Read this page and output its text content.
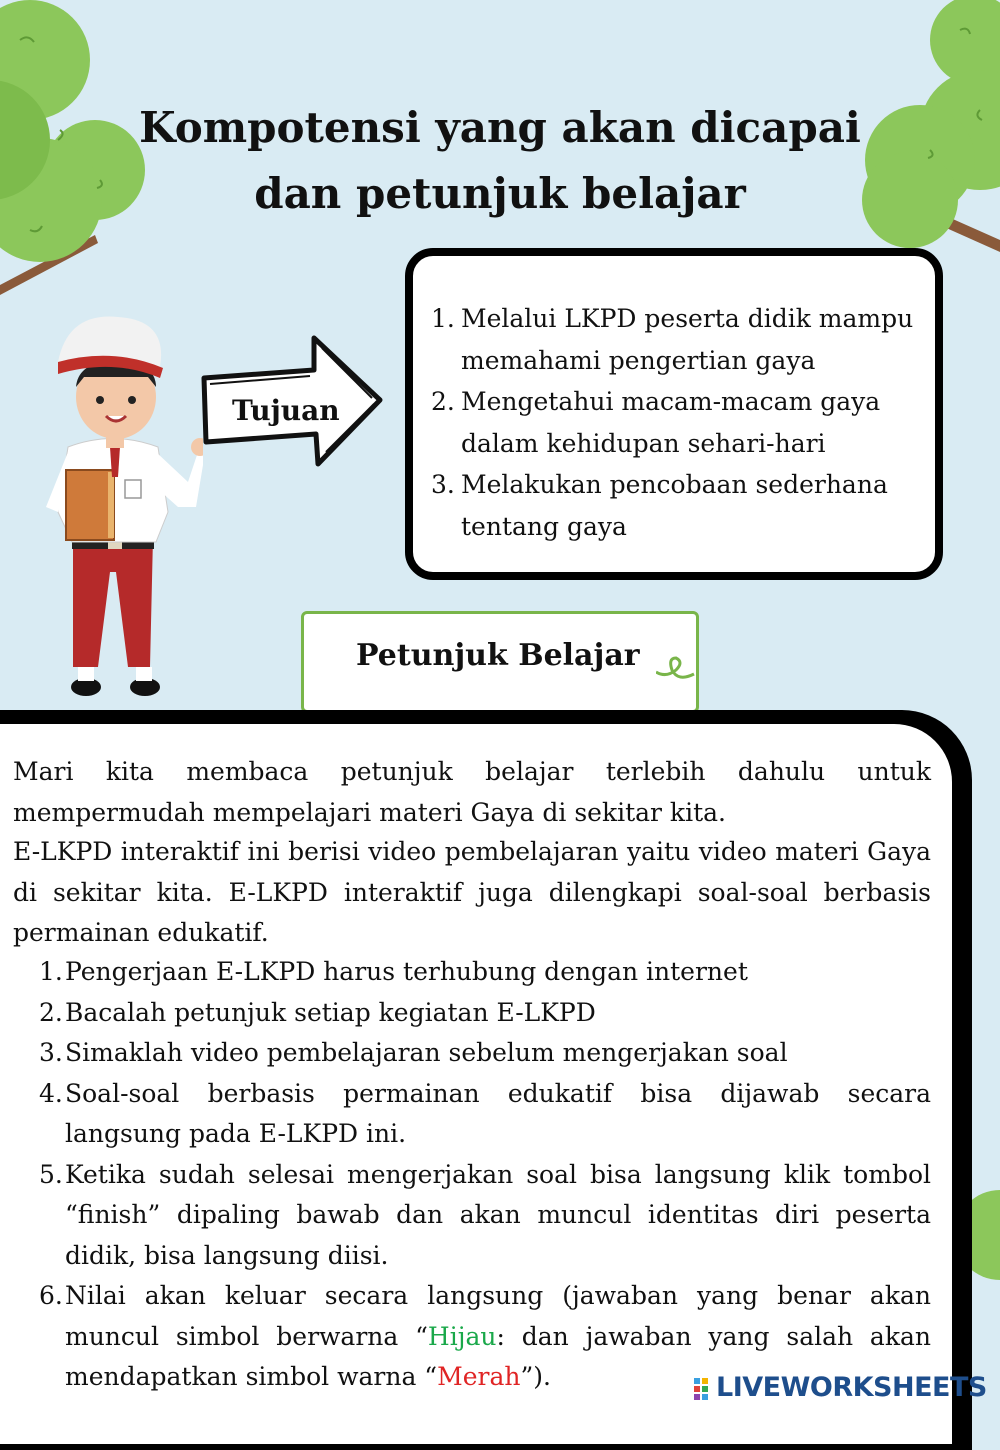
Kompotensi yang akan dicapai
dan petunjuk belajar
Tujuan
1. Melalui LKPD peserta didik mampu memahami pengertian gaya
2. Mengetahui macam-macam gaya dalam kehidupan sehari-hari
3. Melakukan pencobaan sederhana tentang gaya
Petunjuk Belajar
Mari kita membaca petunjuk belajar terlebih dahulu untuk mempermudah mempelajari materi Gaya di sekitar kita.
E-LKPD interaktif ini berisi video pembelajaran yaitu video materi Gaya di sekitar kita. E-LKPD interaktif juga dilengkapi soal-soal berbasis permainan edukatif.
1. Pengerjaan E-LKPD harus terhubung dengan internet
2. Bacalah petunjuk setiap kegiatan E-LKPD
3. Simaklah video pembelajaran sebelum mengerjakan soal
4. Soal-soal berbasis permainan edukatif bisa dijawab secara langsung pada E-LKPD ini.
5. Ketika sudah selesai mengerjakan soal bisa langsung klik tombol “finish” dipaling bawab dan akan muncul identitas diri peserta didik, bisa langsung diisi.
6. Nilai akan keluar secara langsung (jawaban yang benar akan muncul simbol berwarna “Hijau: dan jawaban yang salah akan mendapatkan simbol warna “Merah”).	LIVEWORKSHEETS
